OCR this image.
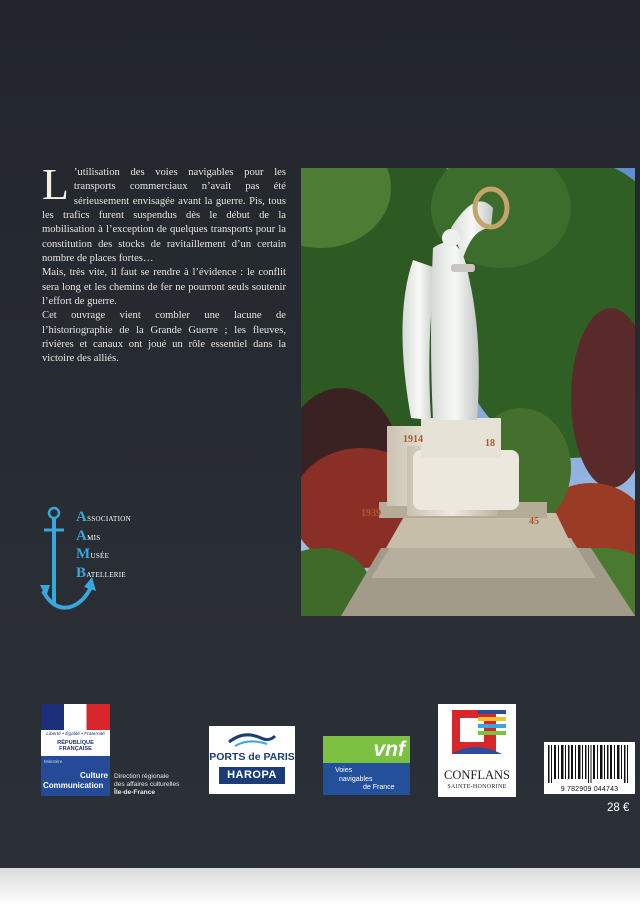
L ’utilisation des voies navigables pour les transports commerciaux n’avait pas été sérieusement envisagée avant la guerre. Pis, tous les trafics furent suspendus dès le début de la mobilisation à l’exception de quelques transports pour la constitution des stocks de ravitaillement d’un certain nombre de places fortes…

Mais, très vite, il faut se rendre à l’évidence : le conflit sera long et les chemins de fer ne pourront seuls soutenir l’effort de guerre.

Cet ouvrage vient combler une lacune de l’historiographie de la Grande Guerre ; les fleuves, rivières et canaux ont joué un rôle essentiel dans la victoire des alliés.

1914	18
1939
45
Association
Amis
Musée
Batellerie
Liberté • Égalité • Fraternité
RÉPUBLIQUE FRANÇAISE
Ministère
Culture
Communication
Direction régionale
des affaires culturelles
Île-de-France
PORTS de PARIS
HAROPA
vnf
Voies
navigables
de France
CONFLANS
SAINTE-HONORINE	9 782909 044743
28 €
